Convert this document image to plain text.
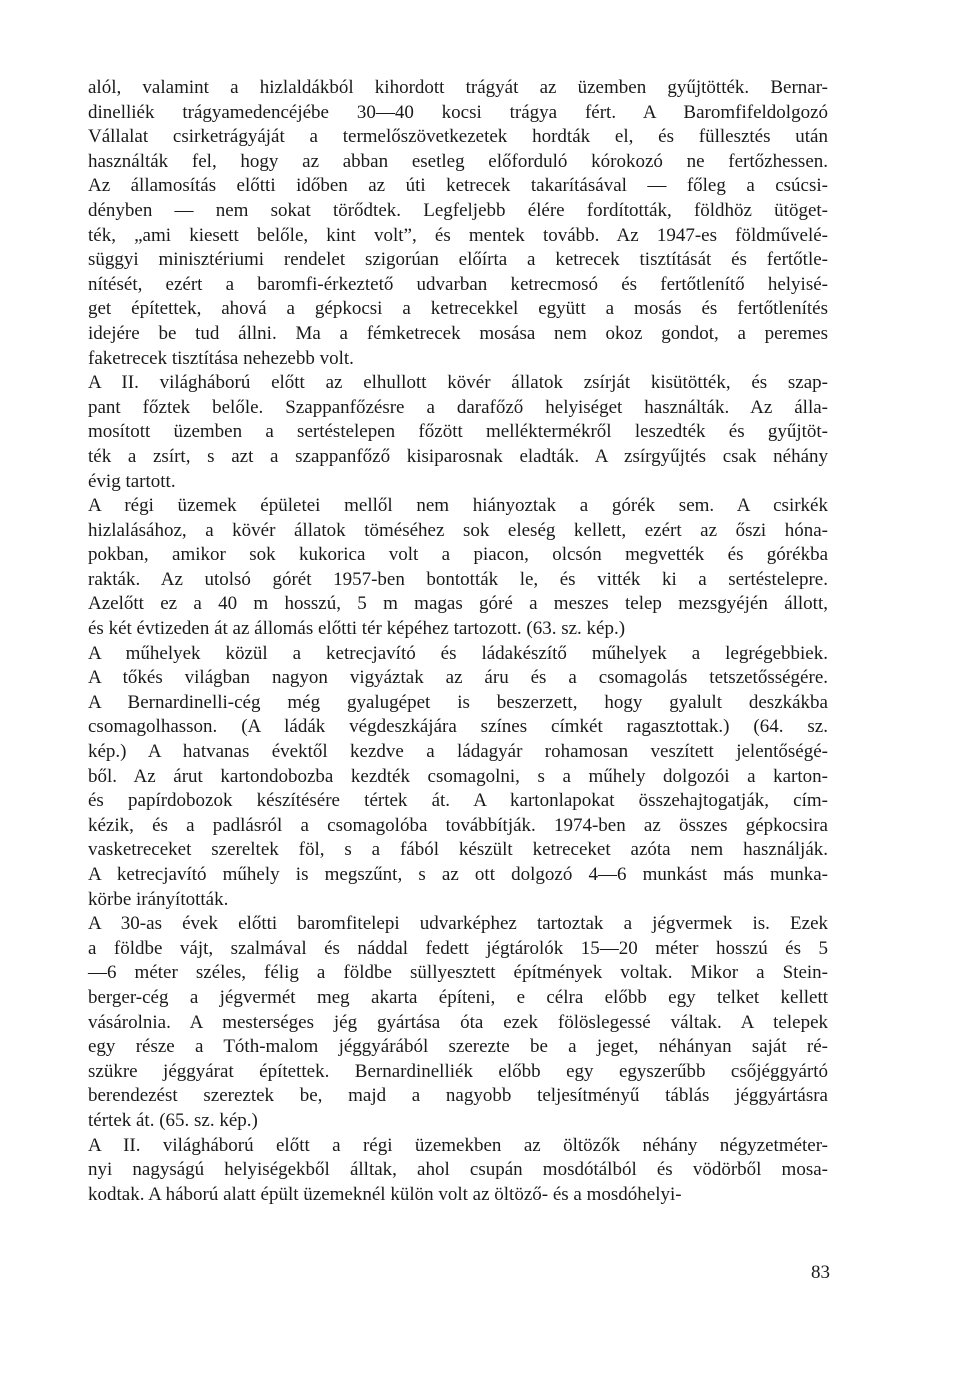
alól, valamint a hizlaldákból kihordott trágyát az üzemben gyűjtötték. Bernar-
dinelliék trágyamedencéjébe 30—40 kocsi trágya fért. A Baromfifeldolgozó
Vállalat csirketrágyáját a termelőszövetkezetek hordták el, és füllesztés után
használták fel, hogy az abban esetleg előforduló kórokozó ne fertőzhessen.
Az államosítás előtti időben az úti ketrecek takarításával — főleg a csúcsi-
dényben — nem sokat törődtek. Legfeljebb élére fordították, földhöz ütöget-
ték, „ami kiesett belőle, kint volt”, és mentek tovább. Az 1947-es földművelé-
süggyi minisztériumi rendelet szigorúan előírta a ketrecek tisztítását és fertőtle-
nítését, ezért a baromfi-érkeztető udvarban ketrecmosó és fertőtlenítő helyisé-
get építettek, ahová a gépkocsi a ketrecekkel együtt a mosás és fertőtlenítés
idejére be tud állni. Ma a fémketrecek mosása nem okoz gondot, a peremes
faketrecek tisztítása nehezebb volt.
A II. világháború előtt az elhullott kövér állatok zsírját kisütötték, és szap-
pant főztek belőle. Szappanfőzésre a darafőző helyiséget használták. Az álla-
mosított üzemben a sertéstelepen főzött melléktermékről leszedték és gyűjtöt-
ték a zsírt, s azt a szappanfőző kisiparosnak eladták. A zsírgyűjtés csak néhány
évig tartott.
A régi üzemek épületei mellől nem hiányoztak a górék sem. A csirkék
hizlalásához, a kövér állatok töméséhez sok eleség kellett, ezért az őszi hóna-
pokban, amikor sok kukorica volt a piacon, olcsón megvették és górékba
rakták. Az utolsó górét 1957-ben bontották le, és vitték ki a sertéstelepre.
Azelőtt ez a 40 m hosszú, 5 m magas góré a meszes telep mezsgyéjén állott,
és két évtizeden át az állomás előtti tér képéhez tartozott. (63. sz. kép.)
A műhelyek közül a ketrecjavító és ládakészítő műhelyek a legrégebbiek.
A tőkés világban nagyon vigyáztak az áru és a csomagolás tetszetősségére.
A Bernardinelli-cég még gyalugépet is beszerzett, hogy gyalult deszkákba
csomagolhasson. (A ládák végdeszkájára színes címkét ragasztottak.) (64. sz.
kép.) A hatvanas évektől kezdve a ládagyár rohamosan veszített jelentőségé-
ből. Az árut kartondobozba kezdték csomagolni, s a műhely dolgozói a karton-
és papírdobozok készítésére tértek át. A kartonlapokat összehajtogatják, cím-
kézik, és a padlásról a csomagolóba továbbítják. 1974-ben az összes gépkocsira
vasketreceket szereltek föl, s a fából készült ketreceket azóta nem használják.
A ketrecjavító műhely is megszűnt, s az ott dolgozó 4—6 munkást más munka-
körbe irányították.
A 30-as évek előtti baromfitelepi udvarképhez tartoztak a jégvermek is. Ezek
a földbe vájt, szalmával és náddal fedett jégtárolók 15—20 méter hosszú és 5
—6 méter széles, félig a földbe süllyesztett építmények voltak. Mikor a Stein-
berger-cég a jégvermét meg akarta építeni, e célra előbb egy telket kellett
vásárolnia. A mesterséges jég gyártása óta ezek fölöslegessé váltak. A telepek
egy része a Tóth-malom jéggyárából szerezte be a jeget, néhányan saját ré-
szükre jéggyárat építettek. Bernardinelliék előbb egy egyszerűbb csőjéggyártó
berendezést szereztek be, majd a nagyobb teljesítményű táblás jéggyártásra
tértek át. (65. sz. kép.)
A II. világháború előtt a régi üzemekben az öltözők néhány négyzetméter-
nyi nagyságú helyiségekből álltak, ahol csupán mosdótálból és vödörből mosa-
kodtak. A háború alatt épült üzemeknél külön volt az öltöző- és a mosdóhelyi-
83
